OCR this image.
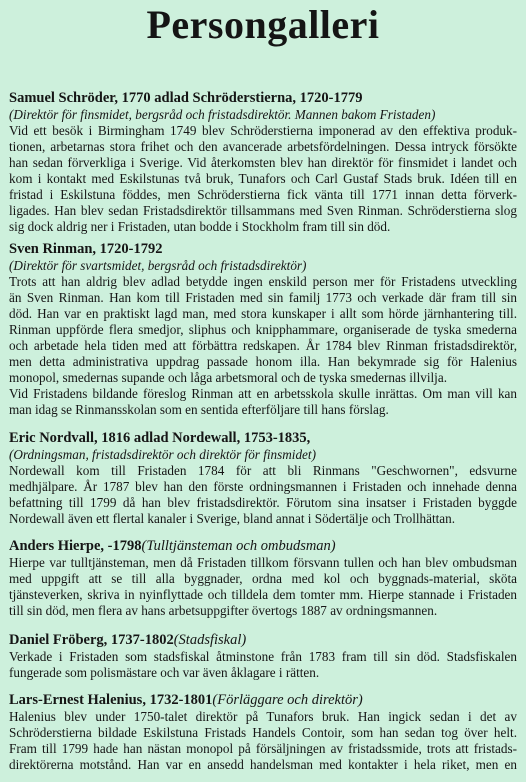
Persongalleri
Samuel Schröder, 1770 adlad Schröderstierna, 1720-1779
(Direktör för finsmidet, bergsråd och fristadsdirektör. Mannen bakom Fristaden)
Vid ett besök i Birmingham 1749 blev Schröderstierna imponerad av den effektiva produk-
tionen, arbetarnas stora frihet och den avancerade arbetsfördelningen. Dessa intryck försökte
han sedan förverkliga i Sverige. Vid återkomsten blev han direktör för finsmidet i landet och
kom i kontakt med Eskilstunas två bruk, Tunafors och Carl Gustaf Stads bruk. Idéen till en
fristad i Eskilstuna föddes, men Schröderstierna fick vänta till 1771 innan detta förverk-
ligades. Han blev sedan Fristadsdirektör tillsammans med Sven Rinman. Schröderstierna slog
sig dock aldrig ner i Fristaden, utan bodde i Stockholm fram till sin död.
Sven Rinman, 1720-1792
(Direktör för svartsmidet, bergsråd och fristadsdirektör)
Trots att han aldrig blev adlad betydde ingen enskild person mer för Fristadens utveckling
än Sven Rinman. Han kom till Fristaden med sin familj 1773 och verkade där fram till sin
död. Han var en praktiskt lagd man, med stora kunskaper i allt som hörde järnhantering till.
Rinman uppförde flera smedjor, sliphus och knipphammare, organiserade de tyska smederna
och arbetade hela tiden med att förbättra redskapen. År 1784 blev Rinman fristadsdirektör,
men detta administrativa uppdrag passade honom illa. Han bekymrade sig för Halenius
monopol, smedernas supande och låga arbetsmoral och de tyska smedernas illvilja.
Vid Fristadens bildande föreslog Rinman att en arbetsskola skulle inrättas. Om man vill kan
man idag se Rinmansskolan som en sentida efterföljare till hans förslag.
Eric Nordvall, 1816 adlad Nordewall, 1753-1835,
(Ordningsman, fristadsdirektör och direktör för finsmidet)
Nordewall kom till Fristaden 1784 för att bli Rinmans "Geschwornen", edsvurne
medhjälpare. År 1787 blev han den förste ordningsmannen i Fristaden och innehade denna
befattning till 1799 då han blev fristadsdirektör. Förutom sina insatser i Fristaden byggde
Nordewall även ett flertal kanaler i Sverige, bland annat i Södertälje och Trollhättan.
Anders Hierpe, -1798(Tulltjänsteman och ombudsman)
Hierpe var tulltjänsteman, men då Fristaden tillkom försvann tullen och han blev ombudsman
med uppgift att se till alla byggnader, ordna med kol och byggnads-material, sköta
tjänsteverken, skriva in nyinflyttade och tilldela dem tomter mm. Hierpe stannade i Fristaden
till sin död, men flera av hans arbetsuppgifter övertogs 1887 av ordningsmannen.
Daniel Fröberg, 1737-1802(Stadsfiskal)
Verkade i Fristaden som stadsfiskal åtminstone från 1783 fram till sin död. Stadsfiskalen
fungerade som polismästare och var även åklagare i rätten.
Lars-Ernest Halenius, 1732-1801(Förläggare och direktör)
Halenius blev under 1750-talet direktör på Tunafors bruk. Han ingick sedan i det av
Schröderstierna bildade Eskilstuna Fristads Handels Contoir, som han sedan tog över helt.
Fram till 1799 hade han nästan monopol på försäljningen av fristadssmide, trots att fristads-
direktörerna motstånd. Han var en ansedd handelsman med kontakter i hela riket, men en
